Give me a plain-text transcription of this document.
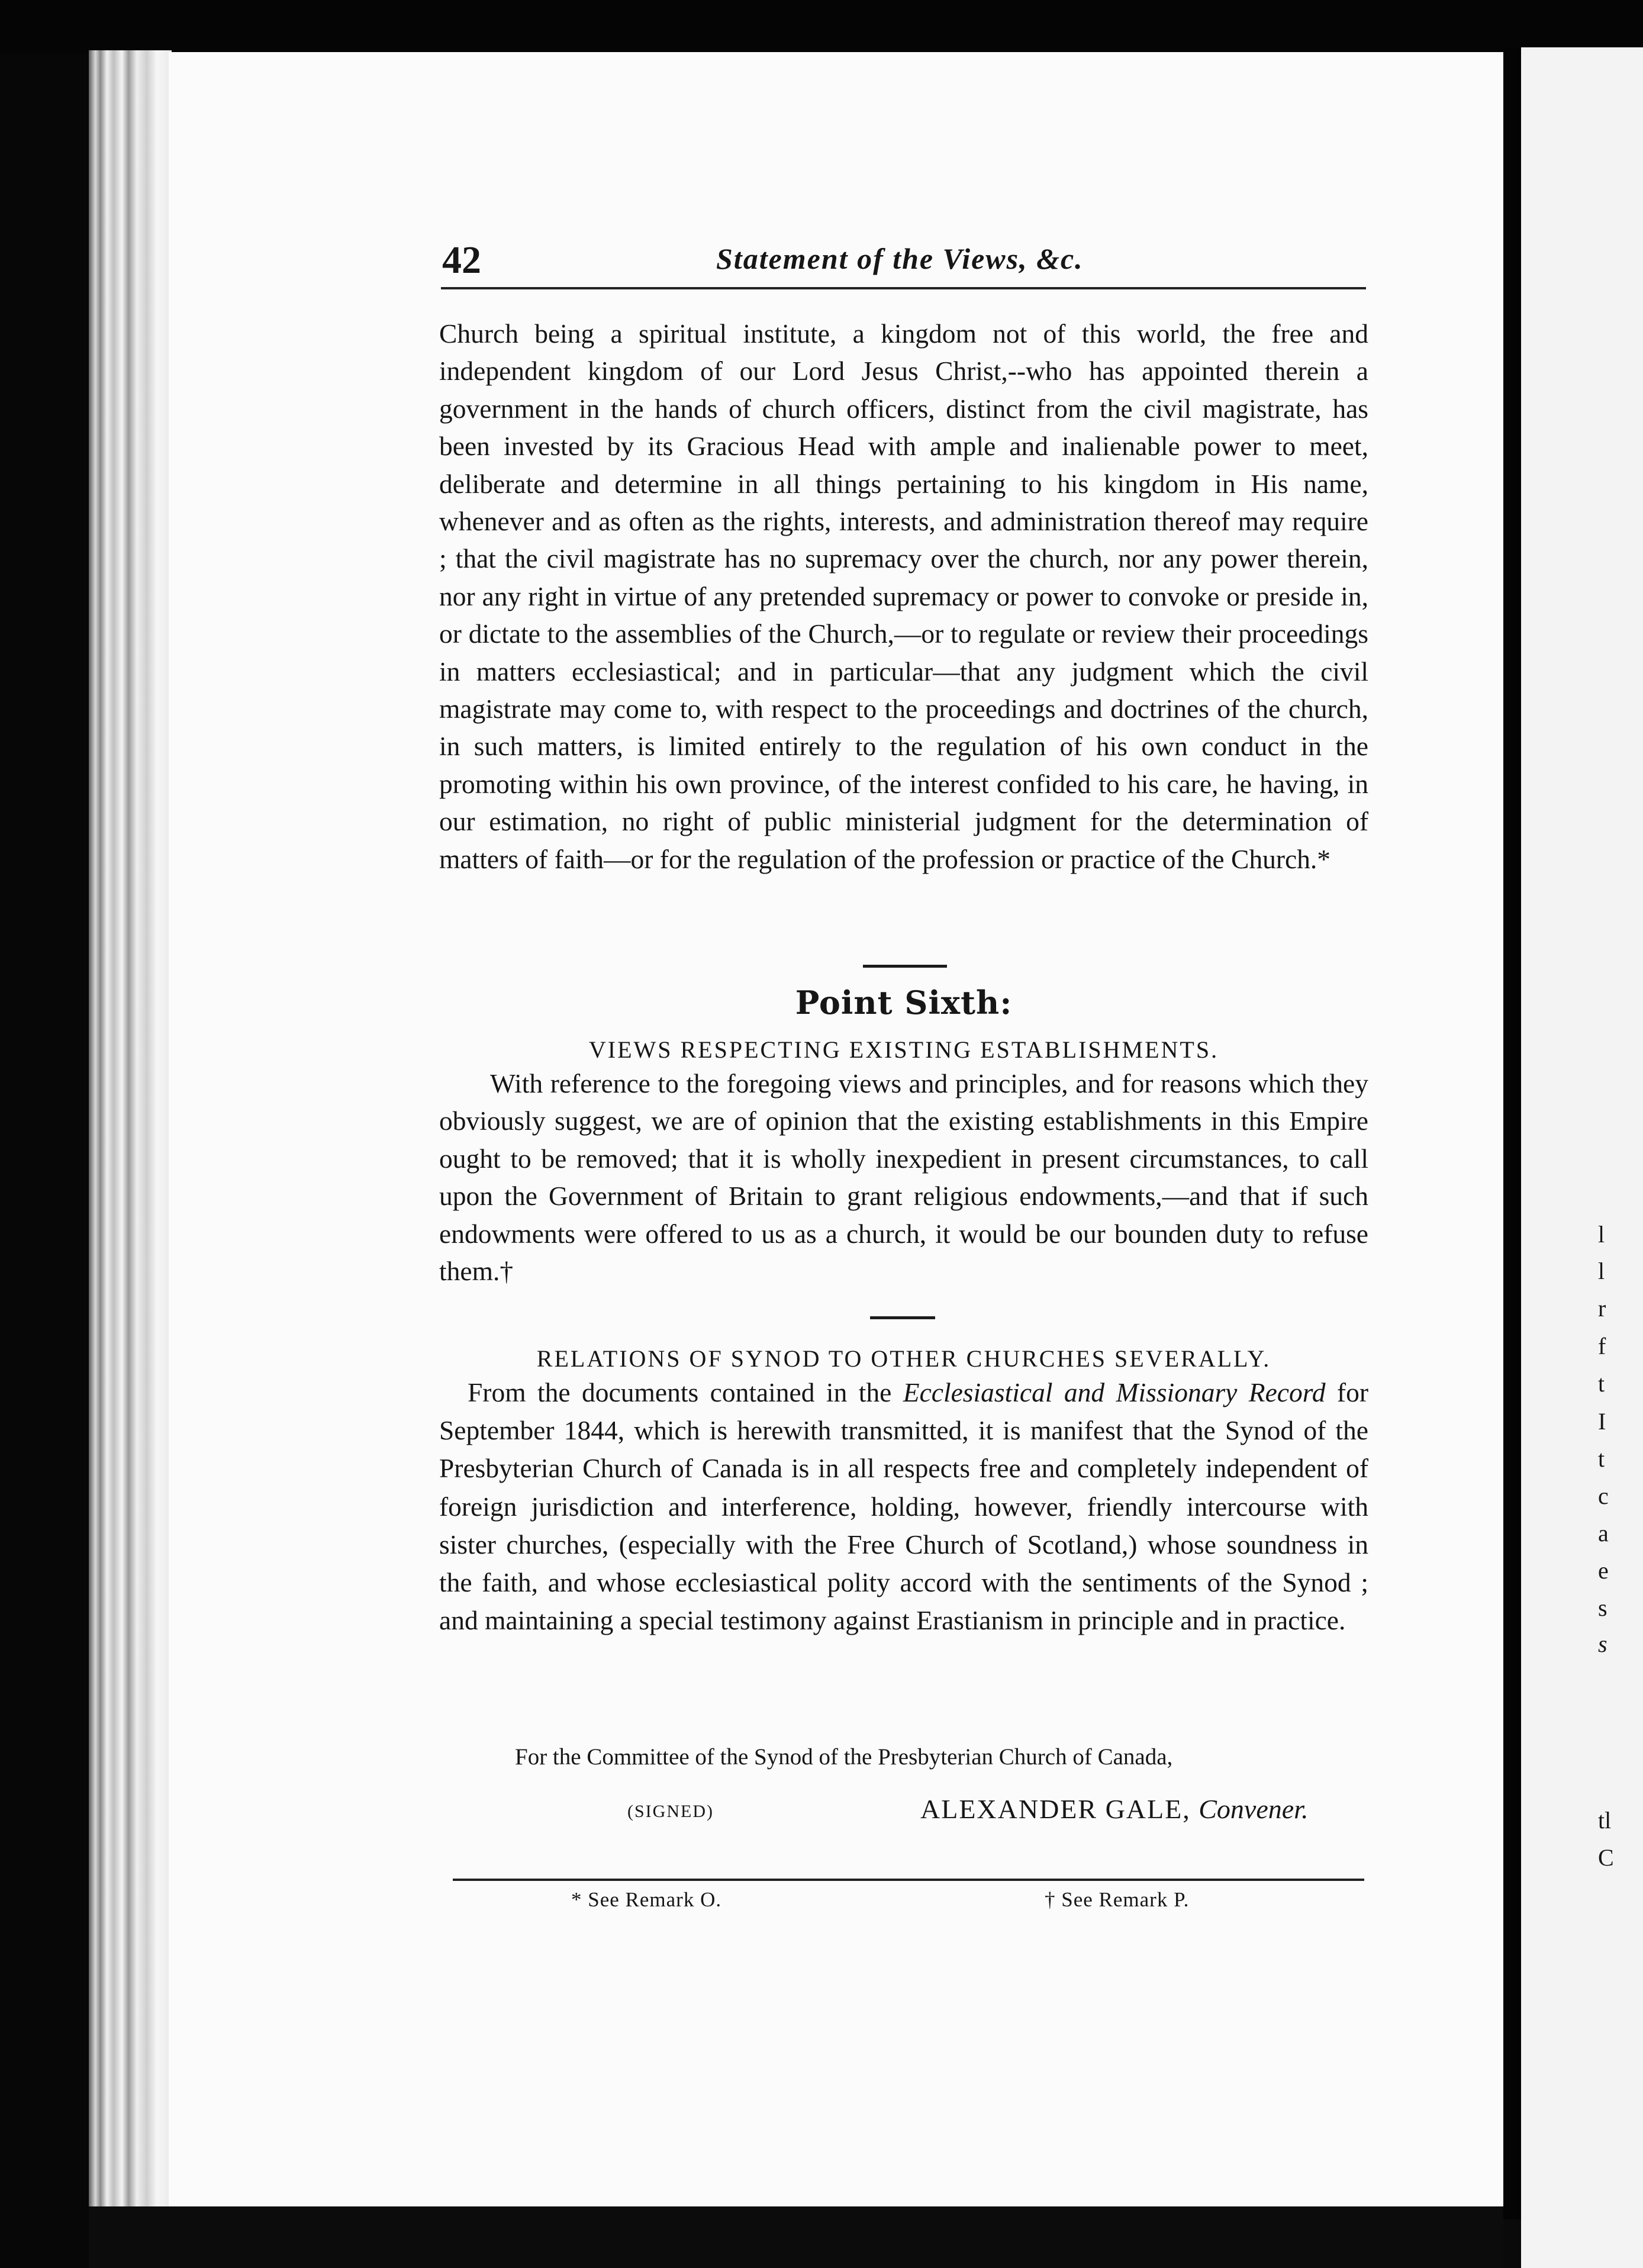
l
l
r
f
t
I
t
c
a
e
s
s
tl
C
42	Statement of the Views, &c.

Church being a spiritual institute, a kingdom not of this world, the free and independent kingdom of our Lord Jesus Christ,--who has appointed therein a government in the hands of church officers, distinct from the civil magistrate, has been invested by its Gracious Head with ample and inalienable power to meet, deliberate and determine in all things pertaining to his kingdom in His name, whenever and as often as the rights, interests, and administration thereof may require ; that the civil magistrate has no supremacy over the church, nor any power therein, nor any right in virtue of any pretended supremacy or power to convoke or preside in, or dictate to the assemblies of the Church,—or to regulate or review their proceedings in matters ecclesiastical; and in particular—that any judgment which the civil magistrate may come to, with respect to the proceedings and doctrines of the church, in such matters, is limited entirely to the regulation of his own conduct in the promoting within his own province, of the interest confided to his care, he having, in our estimation, no right of public ministerial judgment for the determination of matters of faith—or for the regulation of the profession or practice of the Church.*

Point Sixth:
VIEWS RESPECTING EXISTING ESTABLISHMENTS.

With reference to the foregoing views and principles, and for reasons which they obviously suggest, we are of opinion that the existing establishments in this Empire ought to be removed; that it is wholly inexpedient in present circumstances, to call upon the Government of Britain to grant religious endowments,—and that if such endowments were offered to us as a church, it would be our bounden duty to refuse them.†

RELATIONS OF SYNOD TO OTHER CHURCHES SEVERALLY.

From the documents contained in the Ecclesiastical and Missionary Record for September 1844, which is herewith transmitted, it is manifest that the Synod of the Presbyterian Church of Canada is in all respects free and completely independent of foreign jurisdiction and interference, holding, however, friendly intercourse with sister churches, (especially with the Free Church of Scotland,) whose soundness in the faith, and whose ecclesiastical polity accord with the sentiments of the Synod ; and maintaining a special testimony against Erastianism in principle and in practice.

For the Committee of the Synod of the Presbyterian Church of Canada,
(SIGNED)	ALEXANDER GALE, Convener.
* See Remark O.	† See Remark P.
